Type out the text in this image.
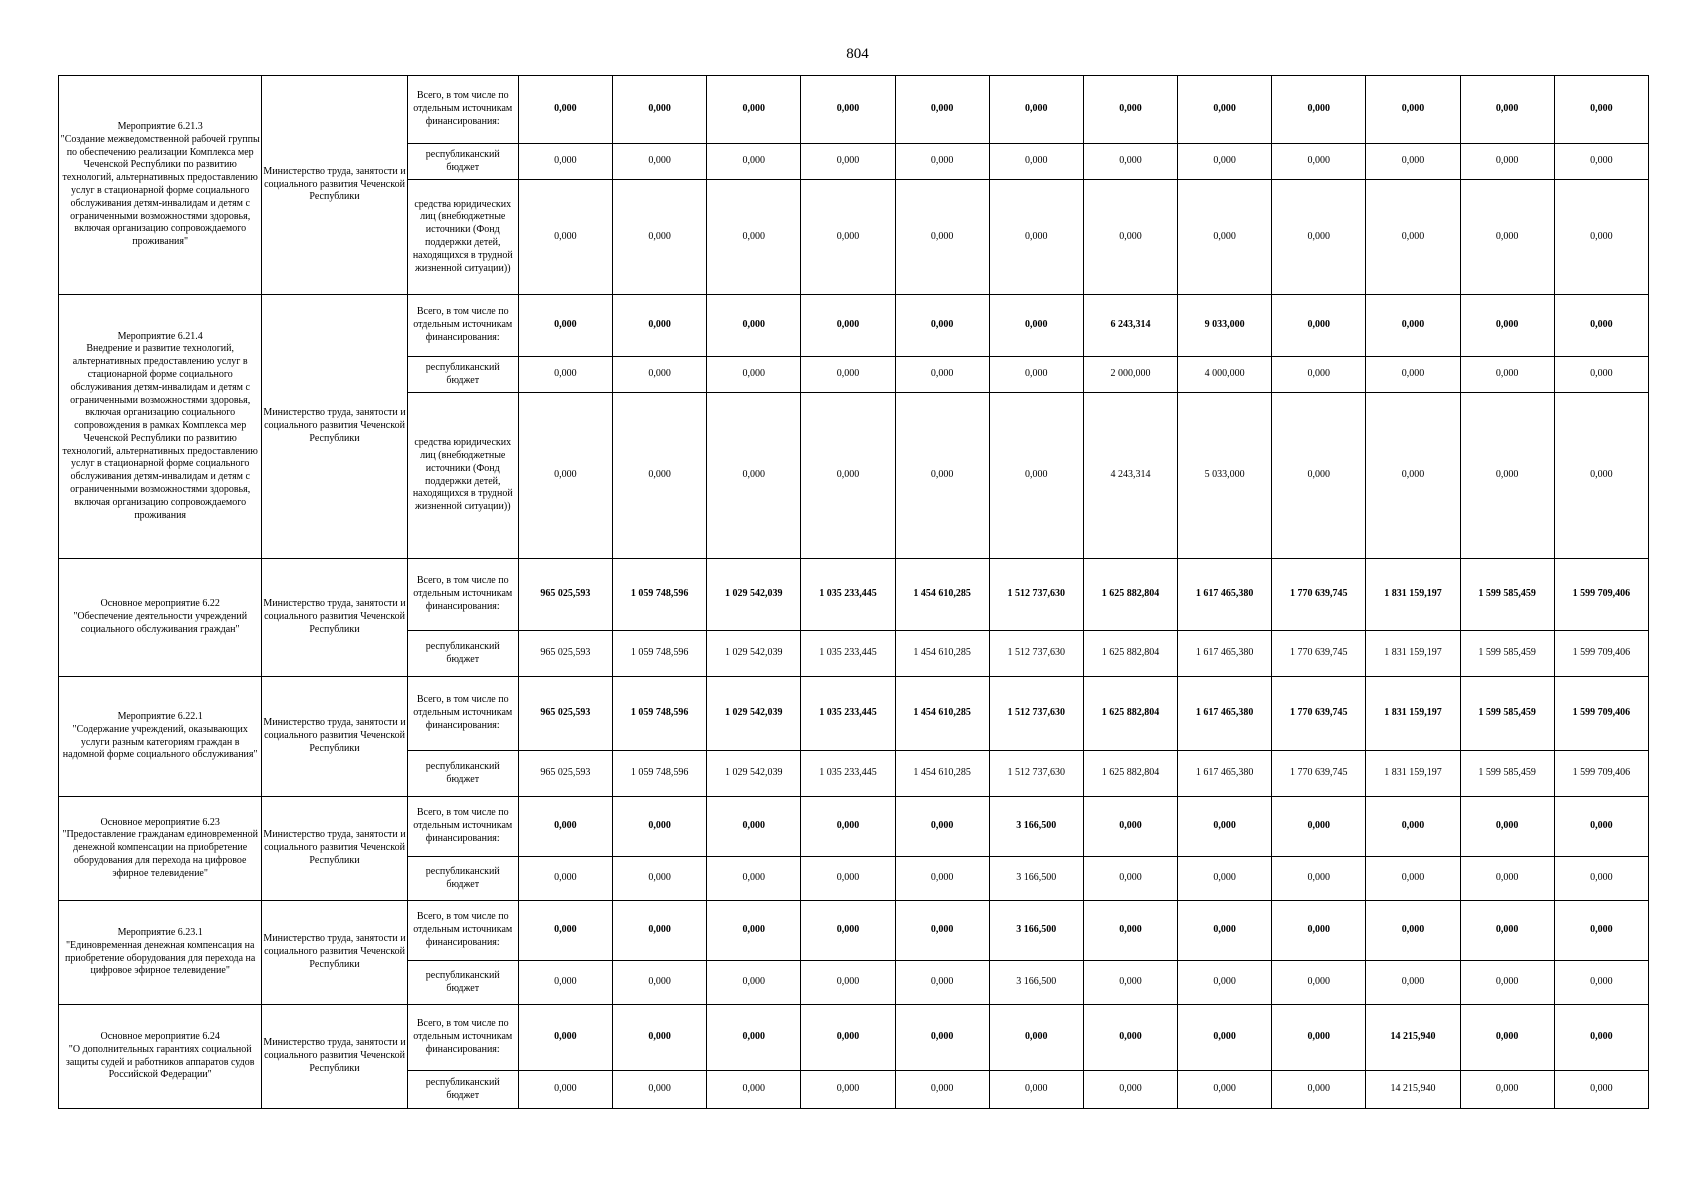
804
Мероприятие 6.21.3
"Создание межведомственной рабочей группы по обеспечению реализации Комплекса мер Чеченской Республики по развитию технологий, альтернативных предоставлению услуг в стационарной форме социального обслуживания детям-инвалидам и детям с ограниченными возможностями здоровья, включая организацию сопровождаемого проживания"	Министерство труда, занятости и социального развития Чеченской Республики	Всего, в том числе по отдельным источникам финансирования:	0,000	0,000	0,000	0,000	0,000	0,000	0,000	0,000	0,000	0,000	0,000	0,000
		республиканский бюджет	0,000	0,000	0,000	0,000	0,000	0,000	0,000	0,000	0,000	0,000	0,000	0,000
		средства юридических лиц (внебюджетные источники (Фонд поддержки детей, находящихся в трудной жизненной ситуации))	0,000	0,000	0,000	0,000	0,000	0,000	0,000	0,000	0,000	0,000	0,000	0,000
Мероприятие 6.21.4
Внедрение и развитие технологий, альтернативных предоставлению услуг в стационарной форме социального обслуживания детям-инвалидам и детям с ограниченными возможностями здоровья, включая организацию социального сопровождения в рамках Комплекса мер Чеченской Республики по развитию технологий, альтернативных предоставлению услуг в стационарной форме социального обслуживания детям-инвалидам и детям с ограниченными возможностями здоровья, включая организацию сопровождаемого проживания	Министерство труда, занятости и социального развития Чеченской Республики	Всего, в том числе по отдельным источникам финансирования:	0,000	0,000	0,000	0,000	0,000	0,000	6 243,314	9 033,000	0,000	0,000	0,000	0,000
		республиканский бюджет	0,000	0,000	0,000	0,000	0,000	0,000	2 000,000	4 000,000	0,000	0,000	0,000	0,000
		средства юридических лиц (внебюджетные источники (Фонд поддержки детей, находящихся в трудной жизненной ситуации))	0,000	0,000	0,000	0,000	0,000	0,000	4 243,314	5 033,000	0,000	0,000	0,000	0,000
Основное мероприятие 6.22
"Обеспечение деятельности учреждений социального обслуживания граждан"	Министерство труда, занятости и социального развития Чеченской Республики	Всего, в том числе по отдельным источникам финансирования:	965 025,593	1 059 748,596	1 029 542,039	1 035 233,445	1 454 610,285	1 512 737,630	1 625 882,804	1 617 465,380	1 770 639,745	1 831 159,197	1 599 585,459	1 599 709,406
		республиканский бюджет	965 025,593	1 059 748,596	1 029 542,039	1 035 233,445	1 454 610,285	1 512 737,630	1 625 882,804	1 617 465,380	1 770 639,745	1 831 159,197	1 599 585,459	1 599 709,406
Мероприятие 6.22.1
"Содержание учреждений, оказывающих услуги разным категориям граждан в надомной форме социального обслуживания"	Министерство труда, занятости и социального развития Чеченской Республики	Всего, в том числе по отдельным источникам финансирования:	965 025,593	1 059 748,596	1 029 542,039	1 035 233,445	1 454 610,285	1 512 737,630	1 625 882,804	1 617 465,380	1 770 639,745	1 831 159,197	1 599 585,459	1 599 709,406
		республиканский бюджет	965 025,593	1 059 748,596	1 029 542,039	1 035 233,445	1 454 610,285	1 512 737,630	1 625 882,804	1 617 465,380	1 770 639,745	1 831 159,197	1 599 585,459	1 599 709,406
Основное мероприятие 6.23
"Предоставление гражданам единовременной денежной компенсации на приобретение оборудования для перехода на цифровое эфирное телевидение"	Министерство труда, занятости и социального развития Чеченской Республики	Всего, в том числе по отдельным источникам финансирования:	0,000	0,000	0,000	0,000	0,000	3 166,500	0,000	0,000	0,000	0,000	0,000	0,000
		республиканский бюджет	0,000	0,000	0,000	0,000	0,000	3 166,500	0,000	0,000	0,000	0,000	0,000	0,000
Мероприятие 6.23.1
"Единовременная денежная компенсация на приобретение оборудования для перехода на цифровое эфирное телевидение"	Министерство труда, занятости и социального развития Чеченской Республики	Всего, в том числе по отдельным источникам финансирования:	0,000	0,000	0,000	0,000	0,000	3 166,500	0,000	0,000	0,000	0,000	0,000	0,000
		республиканский бюджет	0,000	0,000	0,000	0,000	0,000	3 166,500	0,000	0,000	0,000	0,000	0,000	0,000
Основное мероприятие 6.24
"О дополнительных гарантиях социальной защиты судей и работников аппаратов судов Российской Федерации"	Министерство труда, занятости и социального развития Чеченской Республики	Всего, в том числе по отдельным источникам финансирования:	0,000	0,000	0,000	0,000	0,000	0,000	0,000	0,000	0,000	14 215,940	0,000	0,000
		республиканский бюджет	0,000	0,000	0,000	0,000	0,000	0,000	0,000	0,000	0,000	14 215,940	0,000	0,000
